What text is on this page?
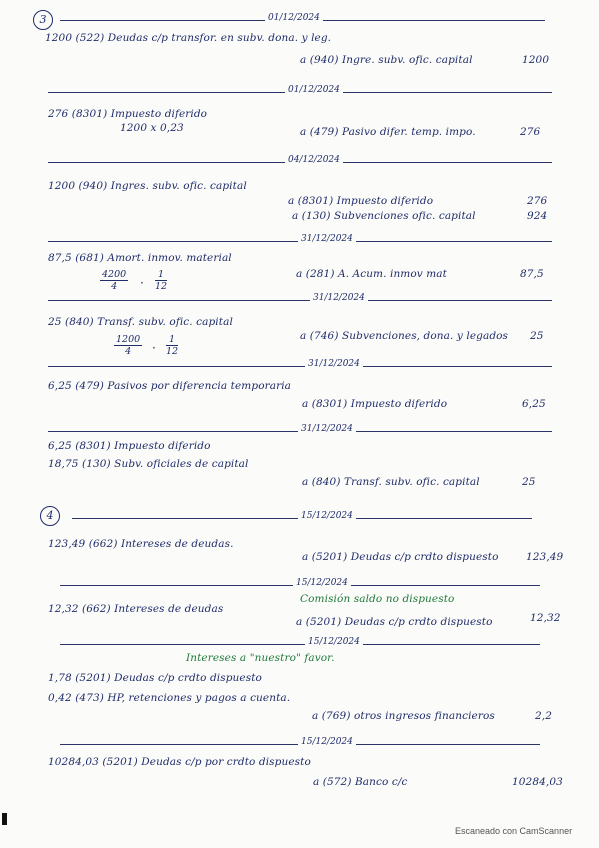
3	01/12/2024
1200 (522) Deudas c/p transfor. en subv. dona. y leg.
a (940) Ingre. subv. ofic. capital	1200
01/12/2024
276 (8301) Impuesto diferido
1200 x 0,23	a (479) Pasivo difer. temp. impo.	276
04/12/2024
1200 (940) Ingres. subv. ofic. capital
a (8301) Impuesto diferido	276
a (130) Subvenciones ofic. capital	924
31/12/2024
87,5 (681) Amort. inmov. material
$\frac{4200}{4} \cdot \frac{1}{12}$	a (281) A. Acum. inmov mat	87,5
31/12/2024
25 (840) Transf. subv. ofic. capital
$\frac{1200}{4} \cdot \frac{1}{12}$	a (746) Subvenciones, dona. y legados 25
31/12/2024
6,25 (479) Pasivos por diferencia temporaria
a (8301) Impuesto diferido	6,25
31/12/2024
6,25 (8301) Impuesto diferido
18,75 (130) Subv. oficiales de capital
a (840) Transf. subv. ofic. capital	25
4	15/12/2024
123,49 (662) Intereses de deudas.
a (5201) Deudas c/p crdto dispuesto	123,49
15/12/2024
Comisión saldo no dispuesto
12,32 (662) Intereses de deudas
a (5201) Deudas c/p crdto dispuesto	12,32
15/12/2024
Intereses a "nuestro" favor.
1,78 (5201) Deudas c/p crdto dispuesto
0,42 (473) HP, retenciones y pagos a cuenta.
a (769) otros ingresos financieros	2,2
15/12/2024
10284,03 (5201) Deudas c/p por crdto dispuesto
a (572) Banco c/c	10284,03
Escaneado con CamScanner
